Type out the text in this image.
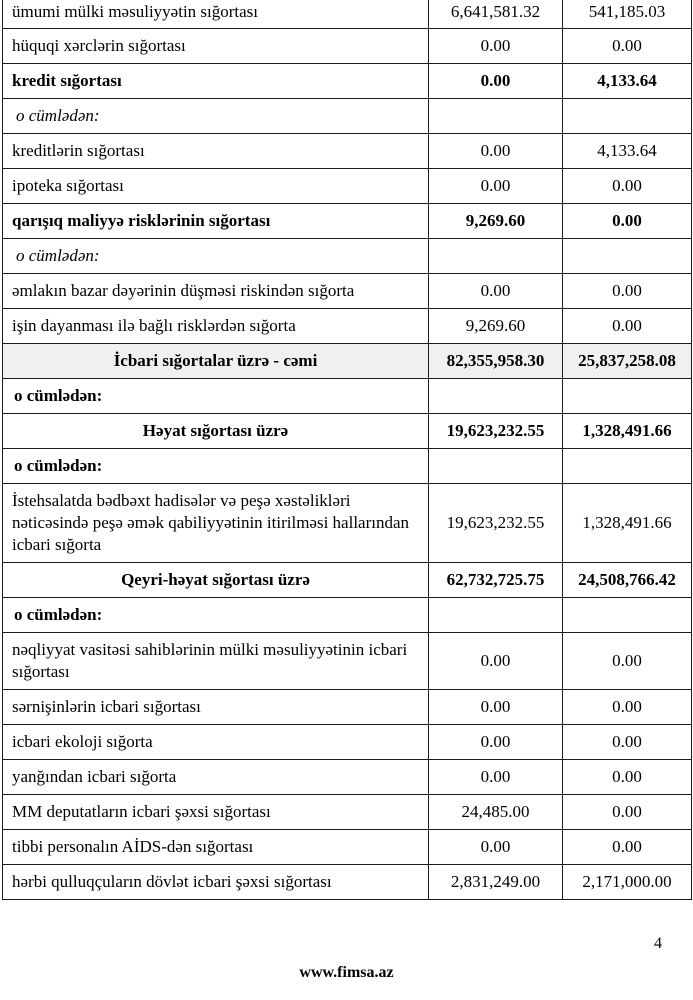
ümumi mülki məsuliyyətin sığortası	6,641,581.32	541,185.03
hüquqi xərclərin sığortası	0.00	0.00
kredit sığortası	0.00	4,133.64
o cümlədən:		
kreditlərin sığortası	0.00	4,133.64
ipoteka sığortası	0.00	0.00
qarışıq maliyyə risklərinin sığortası	9,269.60	0.00
o cümlədən:		
əmlakın bazar dəyərinin düşməsi riskindən sığorta	0.00	0.00
işin dayanması ilə bağlı risklərdən sığorta	9,269.60	0.00
İcbari sığortalar üzrə - cəmi	82,355,958.30	25,837,258.08
o cümlədən:		
Həyat sığortası üzrə	19,623,232.55	1,328,491.66
o cümlədən:		
İstehsalatda bədbəxt hadisələr və peşə xəstəlikləri nəticəsində peşə əmək qabiliyyətinin itirilməsi hallarından icbari sığorta	19,623,232.55	1,328,491.66
Qeyri-həyat sığortası üzrə	62,732,725.75	24,508,766.42
o cümlədən:		
nəqliyyat vasitəsi sahiblərinin mülki məsuliyyətinin icbari sığortası	0.00	0.00
sərnişinlərin icbari sığortası	0.00	0.00
icbari ekoloji sığorta	0.00	0.00
yanğından icbari sığorta	0.00	0.00
MM deputatların icbari şəxsi sığortası	24,485.00	0.00
tibbi personalın AİDS-dən sığortası	0.00	0.00
hərbi qulluqçuların dövlət icbari şəxsi sığortası	2,831,249.00	2,171,000.00
4
www.fimsa.az
